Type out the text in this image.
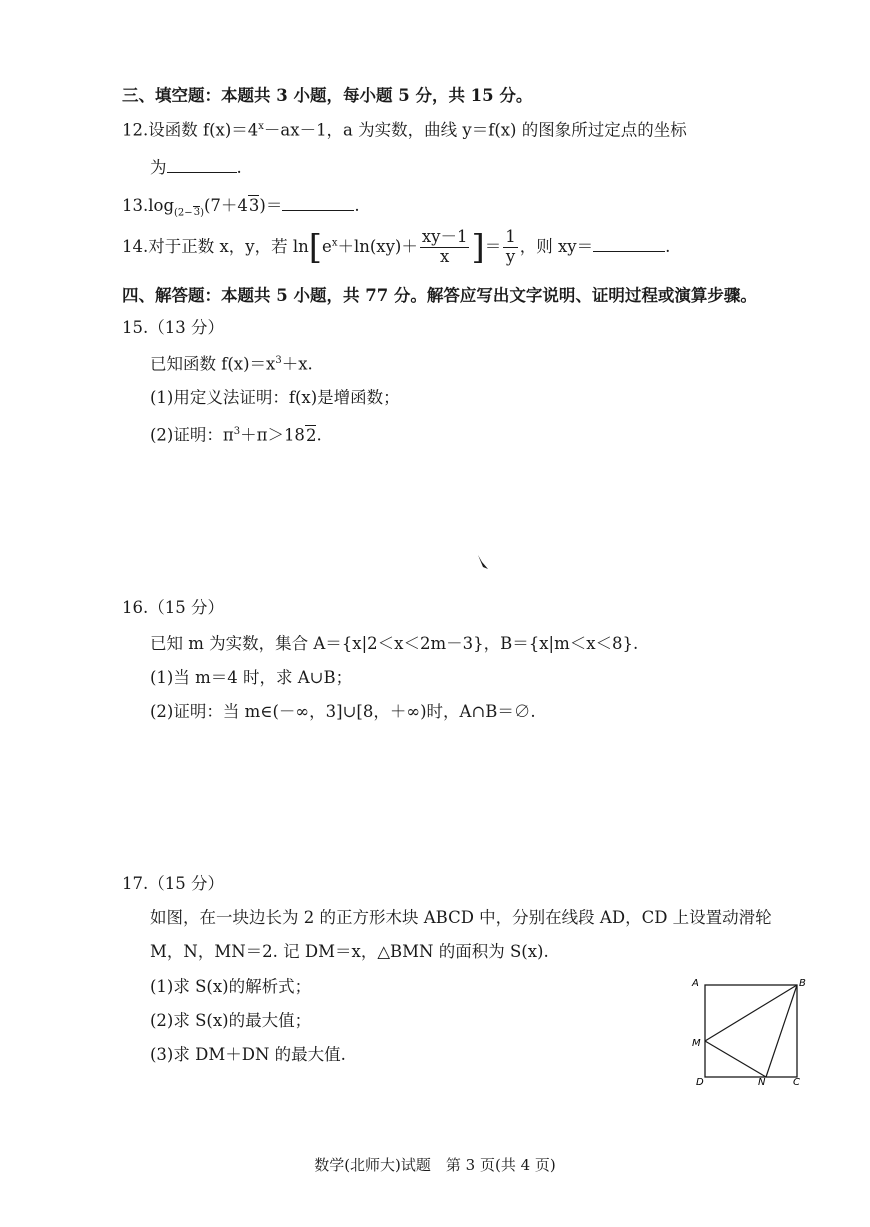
三、填空题：本题共 3 小题，每小题 5 分，共 15 分。
12.设函数 $f(x)=4^x-ax-1$，a 为实数，曲线 y＝f(x) 的图象所过定点的坐标
为	.
$13.\log_{(2-3)}(7+43)=$	.
14.对于正数 x，y，若 $\ln[e^x+\ln(xy)+ \frac{xy-1}{x}$ ]＝ $\frac{1}{y}$ ，则 xy＝	.
四、解答题：本题共 5 小题，共 77 分。解答应写出文字说明、证明过程或演算步骤。
15.（13 分）
已知函数 $f(x)=x^3+x$.
(1)用定义法证明：f(x)是增函数；
(2)证明：$\pi^3+\pi>182$.
16.（15 分）
已知 m 为实数，集合 A＝{x|2＜x＜2m－3}，B＝{x|m＜x＜8}.
(1)当 m＝4 时，求 A∪B；
(2)证明：当 m∈(－∞，3]∪[8，＋∞)时，A∩B＝∅.
17.（15 分）
如图，在一块边长为 2 的正方形木块 ABCD 中，分别在线段 AD，CD 上设置动滑轮
M，N，MN＝2. 记 DM＝x，△BMN 的面积为 S(x).
(1)求 S(x)的解析式；
(2)求 S(x)的最大值；
(3)求 DM＋DN 的最大值.
A	B
M
D	N	C
数学(北师大)试题　第 3 页(共 4 页)
